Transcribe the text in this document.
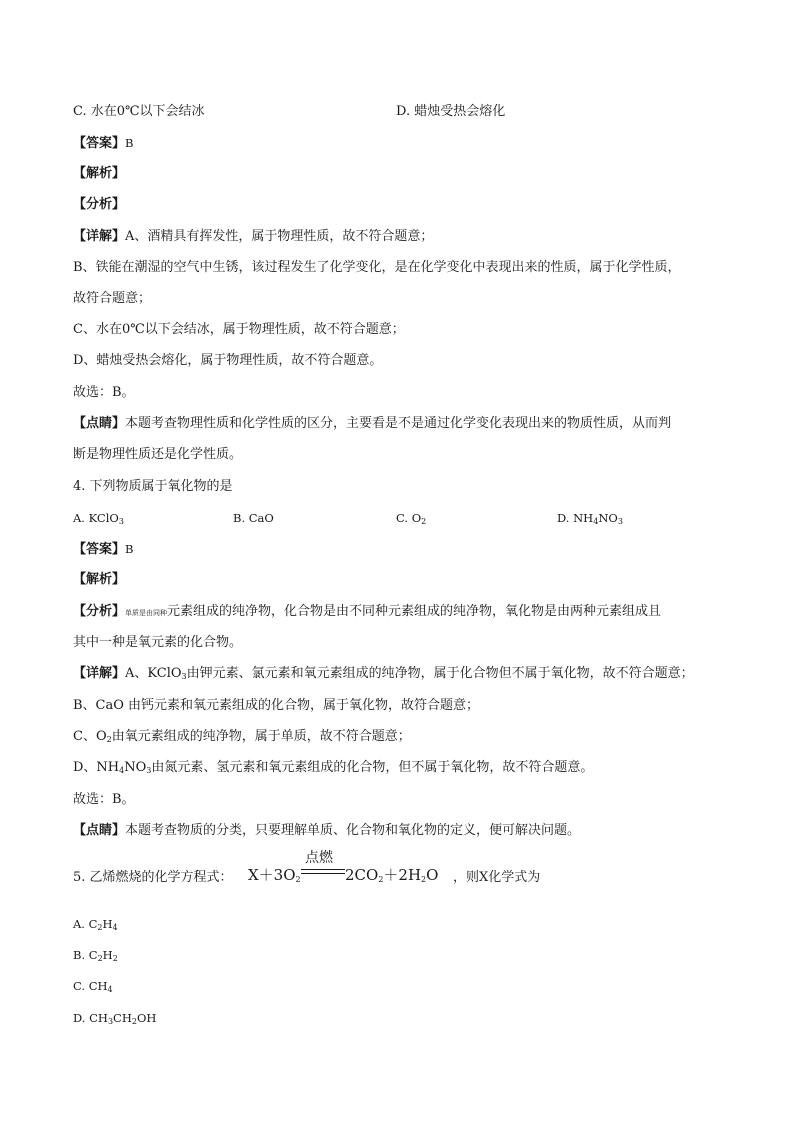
C. 水在0℃以下会结冰	D. 蜡烛受热会熔化
【答案】B
【解析】
【分析】
【详解】A、酒精具有挥发性，属于物理性质，故不符合题意；
B、铁能在潮湿的空气中生锈，该过程发生了化学变化，是在化学变化中表现出来的性质，属于化学性质，
故符合题意；
C、水在0℃以下会结冰，属于物理性质，故不符合题意；
D、蜡烛受热会熔化，属于物理性质，故不符合题意。
故选：B。
【点睛】本题考查物理性质和化学性质的区分，主要看是不是通过化学变化表现出来的物质性质，从而判
断是物理性质还是化学性质。
4. 下列物质属于氧化物的是
A. KClO$_3$	B. CaO	C. $O_2$	D. $NH_4NO_3$
【答案】B
【解析】
【分析】单质是由同种元素组成的纯净物，化合物是由不同种元素组成的纯净物，氧化物是由两种元素组成且
其中一种是氧元素的化合物。
【详解】A、KClO$_3$由钾元素、氯元素和氧元素组成的纯净物，属于化合物但不属于氧化物，故不符合题意；
B、CaO 由钙元素和氧元素组成的化合物，属于氧化物，故符合题意；
C、$O_2$由氧元素组成的纯净物，属于单质，故不符合题意；
D、$NH_4NO_3$由氮元素、氢元素和氧元素组成的化合物，但不属于氧化物，故不符合题意。
故选：B。
【点睛】本题考查物质的分类，只要理解单质、化合物和氧化物的定义，便可解决问题。
5. 乙烯燃烧的化学方程式： $X+3O_2$
点燃
$2CO_2+2H_2O$ ，则X化学式为
A. $C_2H_4$
B. $C_2H_2$
C. $CH_4$
D. $CH_3CH_2OH$
